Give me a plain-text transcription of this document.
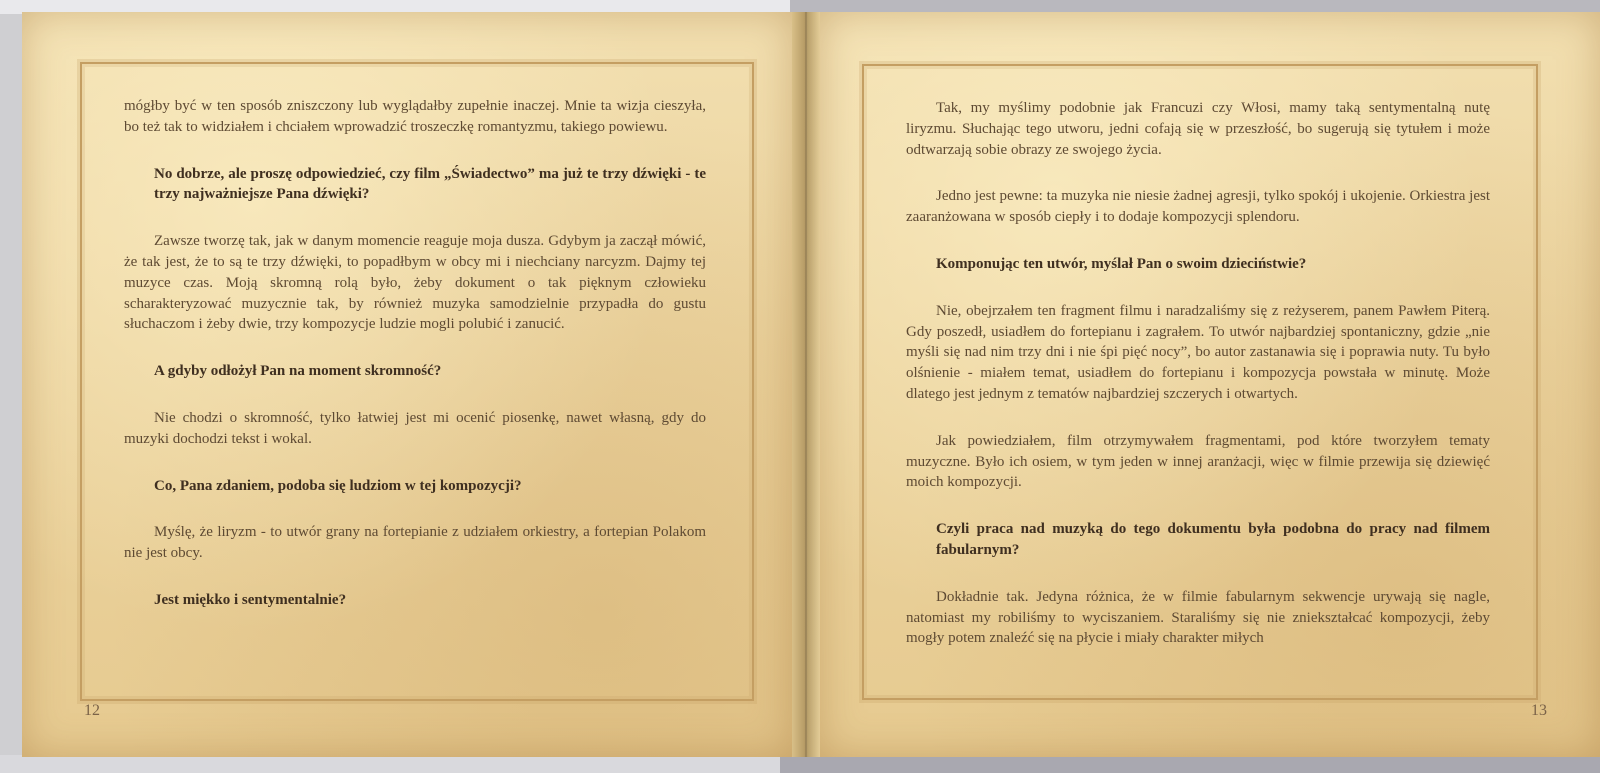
mógłby być w ten sposób zniszczony lub wyglądałby zupełnie inaczej. Mnie ta wizja cieszyła, bo też tak to widziałem i chciałem wprowadzić troszeczkę romantyzmu, takiego powiewu.

No dobrze, ale proszę odpowiedzieć, czy film „Świadectwo” ma już te trzy dźwięki - te trzy najważniejsze Pana dźwięki?

Zawsze tworzę tak, jak w danym momencie reaguje moja dusza. Gdybym ja zaczął mówić, że tak jest, że to są te trzy dźwięki, to popadłbym w obcy mi i niechciany narcyzm. Dajmy tej muzyce czas. Moją skromną rolą było, żeby dokument o tak pięknym człowieku scharakteryzować muzycznie tak, by również muzyka samodzielnie przypadła do gustu słuchaczom i żeby dwie, trzy kompozycje ludzie mogli polubić i zanucić.

A gdyby odłożył Pan na moment skromność?

Nie chodzi o skromność, tylko łatwiej jest mi ocenić piosenkę, nawet własną, gdy do muzyki dochodzi tekst i wokal.

Co, Pana zdaniem, podoba się ludziom w tej kompozycji?

Myślę, że liryzm - to utwór grany na fortepianie z udziałem orkiestry, a fortepian Polakom nie jest obcy.

Jest miękko i sentymentalnie?

12

Tak, my myślimy podobnie jak Francuzi czy Włosi, mamy taką sentymentalną nutę liryzmu. Słuchając tego utworu, jedni cofają się w przeszłość, bo sugerują się tytułem i może odtwarzają sobie obrazy ze swojego życia.

Jedno jest pewne: ta muzyka nie niesie żadnej agresji, tylko spokój i ukojenie. Orkiestra jest zaaranżowana w sposób ciepły i to dodaje kompozycji splendoru.

Komponując ten utwór, myślał Pan o swoim dzieciństwie?

Nie, obejrzałem ten fragment filmu i naradzaliśmy się z reżyserem, panem Pawłem Piterą. Gdy poszedł, usiadłem do fortepianu i zagrałem. To utwór najbardziej spontaniczny, gdzie „nie myśli się nad nim trzy dni i nie śpi pięć nocy”, bo autor zastanawia się i poprawia nuty. Tu było olśnienie - miałem temat, usiadłem do fortepianu i kompozycja powstała w minutę. Może dlatego jest jednym z tematów najbardziej szczerych i otwartych.

Jak powiedziałem, film otrzymywałem fragmentami, pod które tworzyłem tematy muzyczne. Było ich osiem, w tym jeden w innej aranżacji, więc w filmie przewija się dziewięć moich kompozycji.

Czyli praca nad muzyką do tego dokumentu była podobna do pracy nad filmem fabularnym?

Dokładnie tak. Jedyna różnica, że w filmie fabularnym sekwencje urywają się nagle, natomiast my robiliśmy to wyciszaniem. Staraliśmy się nie zniekształcać kompozycji, żeby mogły potem znaleźć się na płycie i miały charakter miłych

13
